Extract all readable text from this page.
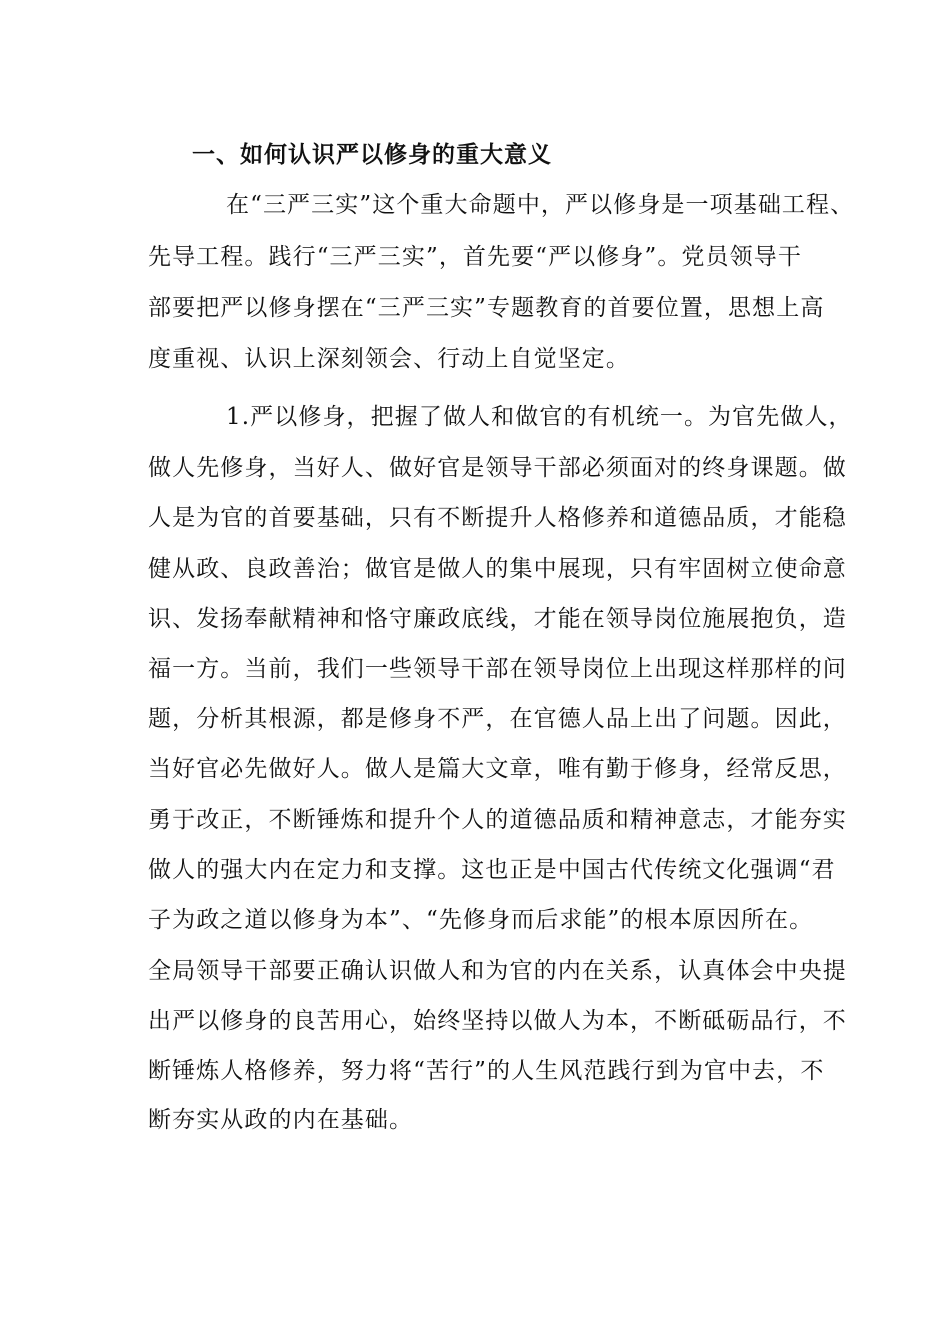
一、如何认识严以修身的重大意义
在“三严三实”这个重大命题中，严以修身是一项基础工程、
先导工程。践行“三严三实”，首先要“严以修身”。党员领导干
部要把严以修身摆在“三严三实”专题教育的首要位置，思想上高
度重视、认识上深刻领会、行动上自觉坚定。
1.严以修身，把握了做人和做官的有机统一。为官先做人，
做人先修身，当好人、做好官是领导干部必须面对的终身课题。做
人是为官的首要基础，只有不断提升人格修养和道德品质，才能稳
健从政、良政善治；做官是做人的集中展现，只有牢固树立使命意
识、发扬奉献精神和恪守廉政底线，才能在领导岗位施展抱负，造
福一方。当前，我们一些领导干部在领导岗位上出现这样那样的问
题，分析其根源，都是修身不严，在官德人品上出了问题。因此，
当好官必先做好人。做人是篇大文章，唯有勤于修身，经常反思，
勇于改正，不断锤炼和提升个人的道德品质和精神意志，才能夯实
做人的强大内在定力和支撑。这也正是中国古代传统文化强调“君
子为政之道以修身为本”、“先修身而后求能”的根本原因所在。
全局领导干部要正确认识做人和为官的内在关系，认真体会中央提
出严以修身的良苦用心，始终坚持以做人为本，不断砥砺品行，不
断锤炼人格修养，努力将“苦行”的人生风范践行到为官中去，不
断夯实从政的内在基础。
